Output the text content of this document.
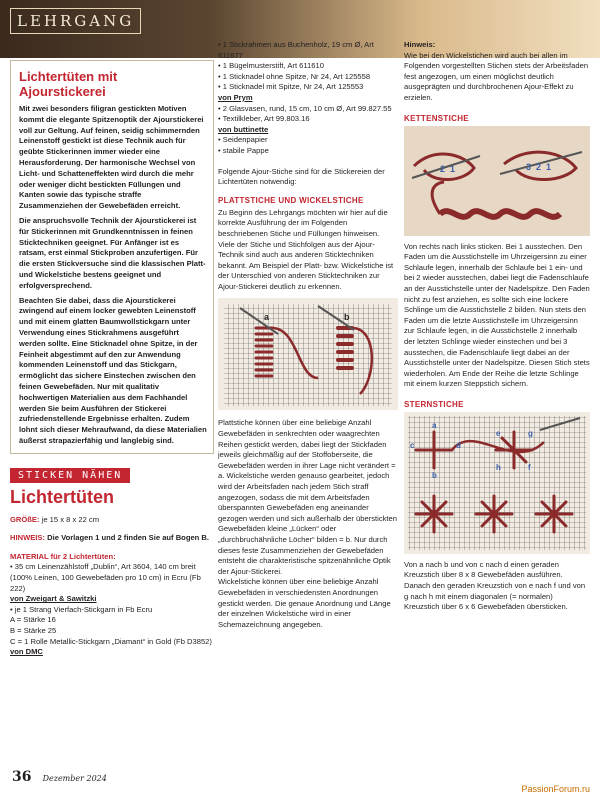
LEHRGANG
Lichtertüten mit Ajourstickerei
Mit zwei besonders filigran gestickten Motiven kommt die elegante Spitzenoptik der Ajourstickerei voll zur Geltung. Auf feinen, seidig schimmernden Leinenstoff gestickt ist diese Technik auch für geübte Stickerinnen immer wieder eine Herausforderung. Der harmonische Wechsel von Licht- und Schatteneffekten wird durch die mehr oder weniger dicht bestickten Füllungen und Kanten sowie das typische straffe Zusammenziehen der Gewebefäden erreicht.
Die anspruchsvolle Technik der Ajourstickerei ist für Stickerinnen mit Grundkenntnissen in feinen Sticktechniken geeignet. Für Anfänger ist es ratsam, erst einmal Stickproben anzufertigen. Für die ersten Stickversuche sind die klassischen Platt- und Wickelstiche bestens geeignet und erfolgversprechend.
Beachten Sie dabei, dass die Ajourstickerei zwingend auf einem locker gewebten Leinenstoff und mit einem glatten Baumwollstickgarn unter Verwendung eines Stickrahmens ausgeführt werden sollte. Eine Sticknadel ohne Spitze, in der Feinheit abgestimmt auf den zur Anwendung kommenden Leinenstoff und das Stickgarn, ermöglicht das sichere Einstechen zwischen den feinen Gewebefäden. Nur mit qualitativ hochwertigen Materialien aus dem Fachhandel werden Sie beim Ausführen der Stickerei zufriedenstellende Ergebnisse erhalten. Zudem lohnt sich dieser Mehraufwand, da diese Materialien äußerst strapazierfähig und langlebig sind.
STICKEN NÄHEN
Lichtertüten
GRÖßE: je 15 x 8 x 22 cm
HINWEIS: Die Vorlagen 1 und 2 finden Sie auf Bogen B.
MATERIAL für 2 Lichtertüten:
• 35 cm Leinenzählstoff „Dublin“, Art 3604, 140 cm breit (100% Leinen, 100 Gewebefäden pro 10 cm) in Ecru (Fb 222)
von Zweigart & Sawitzki
• je 1 Strang Vierfach-Stickgarn in Fb Ecru
A = Stärke 16
B = Stärke 25
C = 1 Rolle Metallic-Stickgarn „Diamant“ in Gold (Fb D3852)
von DMC
• 1 Stickrahmen aus Buchenholz, 19 cm Ø, Art 611677
• 1 Bügelmusterstift, Art 611610
• 1 Sticknadel ohne Spitze, Nr 24, Art 125558
• 1 Sticknadel mit Spitze, Nr 24, Art 125553
von Prym
• 2 Glasvasen, rund, 15 cm, 10 cm Ø, Art 99.827.55
• Textilkleber, Art 99.803.16
von buttinette
• Seidenpapier
• stabile Pappe
Folgende Ajour-Stiche sind für die Stickereien der Lichtertüten notwendig:
PLATTSTICHE UND WICKELSTICHE
Zu Beginn des Lehrgangs möchten wir hier auf die korrekte Ausführung der im Folgenden beschriebenen Stiche und Füllungen hinweisen. Viele der Stiche und Stichfolgen aus der Ajour-Technik sind auch aus anderen Sticktechniken bekannt. Am Beispiel der Platt- bzw. Wickelstiche ist der Unterschied von anderen Sticktechniken zur Ajour-Stickerei deutlich zu erkennen.
a	b
Plattstiche können über eine beliebige Anzahl Gewebefäden in senkrechten oder waagrechten Reihen gestickt werden, dabei liegt der Stickfaden jeweils gleichmäßig auf der Stoffoberseite, die Gewebefäden werden in ihrer Lage nicht verändert = a. Wickelstiche werden genauso gearbeitet, jedoch wird der Arbeitsfaden nach jedem Stich straff angezogen, sodass die mit dem Arbeitsfaden überspannten Gewebefäden eng aneinander gezogen werden und sich außerhalb der überstickten Gewebefäden kleine „Lücken“ oder „durchbruchähnliche Löcher“ bilden = b. Nur durch dieses feste Zusammenziehen der Gewebefäden entsteht die charakteristische spitzenähnliche Optik der Ajour-Stickerei.
Wickelstiche können über eine beliebige Anzahl Gewebefäden in verschiedensten Anordnungen gestickt werden. Die genaue Anordnung und Länge der einzelnen Wickelstiche wird in einer Schemazeichnung angegeben.
Hinweis:
Wie bei den Wickelstichen wird auch bei allen im Folgenden vorgestellten Stichen stets der Arbeitsfaden fest angezogen, um einen möglichst deutlich ausgeprägten und durchbrochenen Ajour-Effekt zu erzielen.
KETTENSTICHE
2 1	3 2 1
Von rechts nach links sticken. Bei 1 ausstechen. Den Faden um die Ausstichstelle im Uhrzeigersinn zu einer Schlaufe legen, innerhalb der Schlaufe bei 1 ein- und bei 2 wieder ausstechen, dabei liegt die Fadenschlaufe an der Ausstichstelle unter der Nadelspitze. Den Faden nicht zu fest anziehen, es sollte sich eine lockere Schlinge um die Ausstichstelle 2 bilden. Nun stets den Faden um die letzte Ausstichstelle im Uhrzeigersinn zur Schlaufe legen, in die Ausstichstelle 2 innerhalb der letzten Schlinge wieder einstechen und bei 3 ausstechen, die Fadenschlaufe liegt dabei an der Ausstichstelle unter der Nadelspitze. Diesen Stich stets wiederholen. Am Ende der Reihe die letzte Schlinge mit einem kurzen Steppstich sichern.
STERNSTICHE
a
b
c	d
e
f
g
h
Von a nach b und von c nach d einen geraden Kreuzstich über 8 x 8 Gewebefäden ausführen. Danach den geraden Kreuzstich von e nach f und von g nach h mit einem diagonalen (= normalen) Kreuzstich über 6 x 6 Gewebefäden übersticken.
36 Dezember 2024
PassionForum.ru
